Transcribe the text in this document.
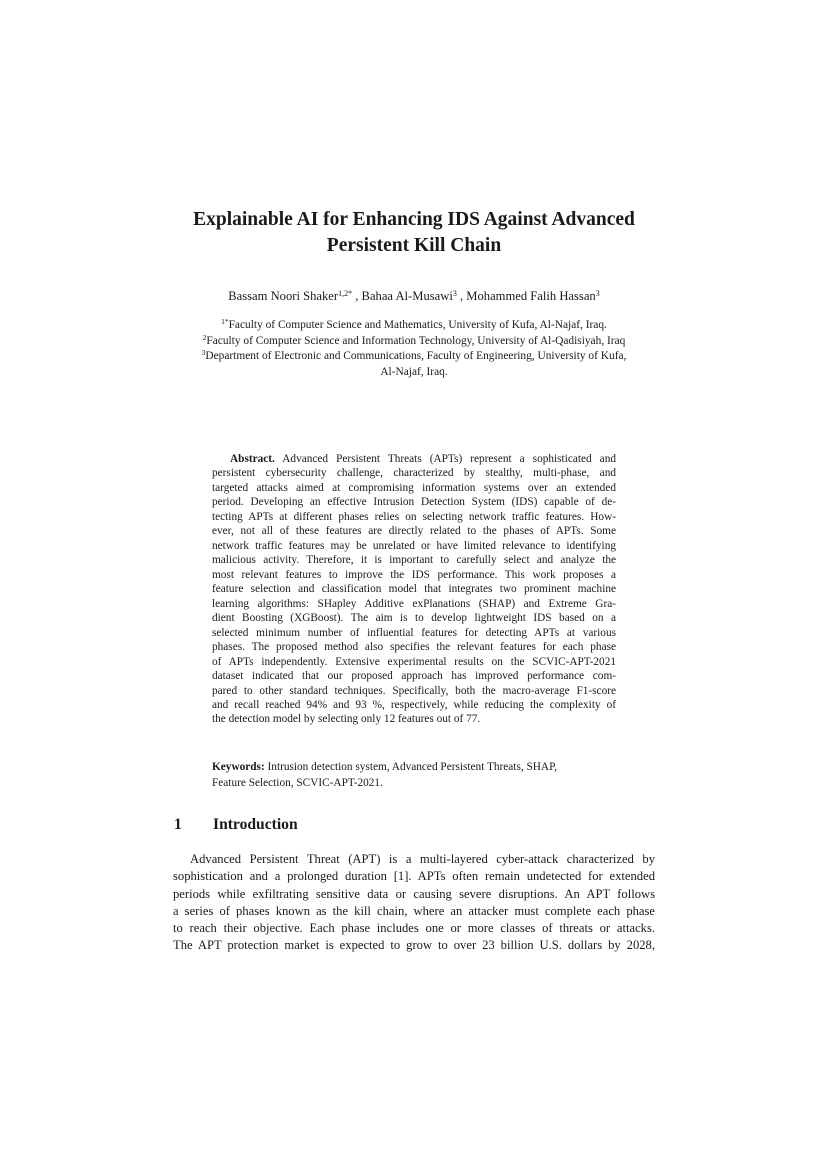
Explainable AI for Enhancing IDS Against Advanced
Persistent Kill Chain
Bassam Noori Shaker$^{1,2*}$ , Bahaa Al-Musawi$^3$ , Mohammed Falih Hassan$^3$
$^{1*}$Faculty of Computer Science and Mathematics, University of Kufa, Al-Najaf, Iraq.
$^2$Faculty of Computer Science and Information Technology, University of Al-Qadisiyah, Iraq
$^3$Department of Electronic and Communications, Faculty of Engineering, University of Kufa,
Al-Najaf, Iraq.
Abstract. Advanced Persistent Threats (APTs) represent a sophisticated and
persistent cybersecurity challenge, characterized by stealthy, multi-phase, and
targeted attacks aimed at compromising information systems over an extended
period. Developing an effective Intrusion Detection System (IDS) capable of de-
tecting APTs at different phases relies on selecting network traffic features. How-
ever, not all of these features are directly related to the phases of APTs. Some
network traffic features may be unrelated or have limited relevance to identifying
malicious activity. Therefore, it is important to carefully select and analyze the
most relevant features to improve the IDS performance. This work proposes a
feature selection and classification model that integrates two prominent machine
learning algorithms: SHapley Additive exPlanations (SHAP) and Extreme Gra-
dient Boosting (XGBoost). The aim is to develop lightweight IDS based on a
selected minimum number of influential features for detecting APTs at various
phases. The proposed method also specifies the relevant features for each phase
of APTs independently. Extensive experimental results on the SCVIC-APT-2021
dataset indicated that our proposed approach has improved performance com-
pared to other standard techniques. Specifically, both the macro-average F1-score
and recall reached 94% and 93 %, respectively, while reducing the complexity of
the detection model by selecting only 12 features out of 77.
Keywords: Intrusion detection system, Advanced Persistent Threats, SHAP,
Feature Selection, SCVIC-APT-2021.
1 Introduction
Advanced Persistent Threat (APT) is a multi-layered cyber-attack characterized by
sophistication and a prolonged duration [1]. APTs often remain undetected for extended
periods while exfiltrating sensitive data or causing severe disruptions. An APT follows
a series of phases known as the kill chain, where an attacker must complete each phase
to reach their objective. Each phase includes one or more classes of threats or attacks.
The APT protection market is expected to grow to over 23 billion U.S. dollars by 2028,
